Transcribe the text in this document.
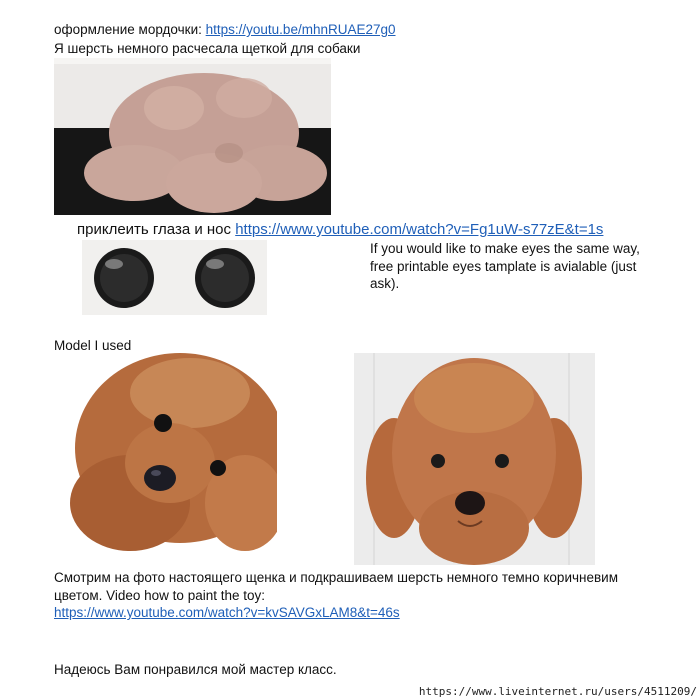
оформление мордочки: https://youtu.be/mhnRUAE27g0
Я шерсть немного расчесала щеткой для собаки
приклеить глаза и нос https://www.youtube.com/watch?v=Fg1uW-s77zE&t=1s
If you would like to make eyes the same way,
free printable eyes tamplate is avialable (just
ask).
Model I used
Смотрим на фото настоящего щенка и подкрашиваем шерсть немного темно коричневим
цветом. Video how to paint the toy:
https://www.youtube.com/watch?v=kvSAVGxLAM8&t=46s
Надеюсь Вам понравился мой мастер класс.
https://www.liveinternet.ru/users/4511209/
